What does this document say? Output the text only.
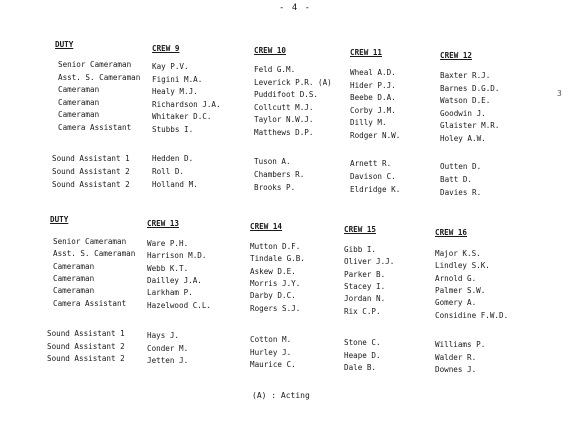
- 4 -
3
DUTY
Senior Cameraman
Asst. S. Cameraman
Cameraman
Cameraman
Cameraman
Camera Assistant
Sound Assistant 1
Sound Assistant 2
Sound Assistant 2
CREW 9
Kay P.V.
Figini M.A.
Healy M.J.
Richardson J.A.
Whitaker D.C.
Stubbs I.
Hedden D.
Roll D.
Holland M.
CREW 10
Feld G.M.
Leverick P.R. (A)
Puddifoot D.S.
Collcutt M.J.
Taylor N.W.J.
Matthews D.P.
Tuson A.
Chambers R.
Brooks P.
CREW 11
Wheal A.D.
Hider P.J.
Beebe D.A.
Corby J.M.
Dilly M.
Rodger N.W.
Arnett R.
Davison C.
Eldridge K.
CREW 12
Baxter R.J.
Barnes D.G.D.
Watson D.E.
Goodwin J.
Glaister M.R.
Holey A.W.
Outten D.
Batt D.
Davies R.
DUTY
Senior Cameraman
Asst. S. Cameraman
Cameraman
Cameraman
Cameraman
Camera Assistant
Sound Assistant 1
Sound Assistant 2
Sound Assistant 2
CREW 13
Ware P.H.
Harrison M.D.
Webb K.T.
Dailley J.A.
Larkham P.
Hazelwood C.L.
Hays J.
Conder M.
Jetten J.
CREW 14
Mutton D.F.
Tindale G.B.
Askew D.E.
Morris J.Y.
Darby D.C.
Rogers S.J.
Cotton M.
Hurley J.
Maurice C.
CREW 15
Gibb I.
Oliver J.J.
Parker B.
Stacey I.
Jordan N.
Rix C.P.
Stone C.
Heape D.
Dale B.
CREW 16
Major K.S.
Lindley S.K.
Arnold G.
Palmer S.W.
Gomery A.
Considine F.W.D.
Williams P.
Walder R.
Downes J.
(A) : Acting
